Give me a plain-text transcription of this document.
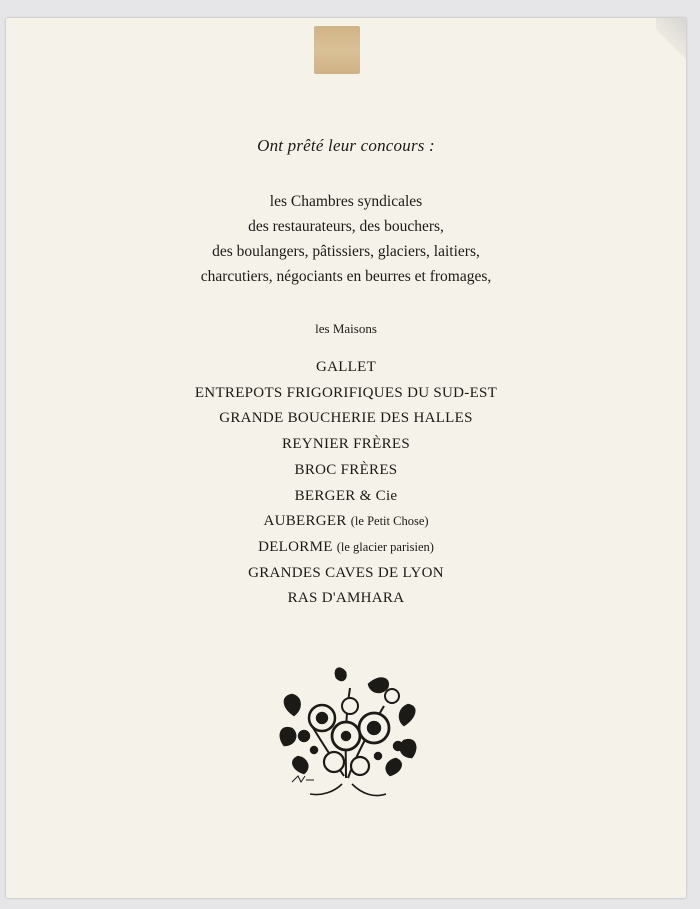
Ont prêté leur concours :
les Chambres syndicales
des restaurateurs, des bouchers,
des boulangers, pâtissiers, glaciers, laitiers,
charcutiers, négociants en beurres et fromages,
les Maisons
GALLET
ENTREPOTS FRIGORIFIQUES DU SUD-EST
GRANDE BOUCHERIE DES HALLES
REYNIER FRÈRES
BROC FRÈRES
BERGER & Cie
AUBERGER (le Petit Chose)
DELORME (le glacier parisien)
GRANDES CAVES DE LYON
RAS D'AMHARA
